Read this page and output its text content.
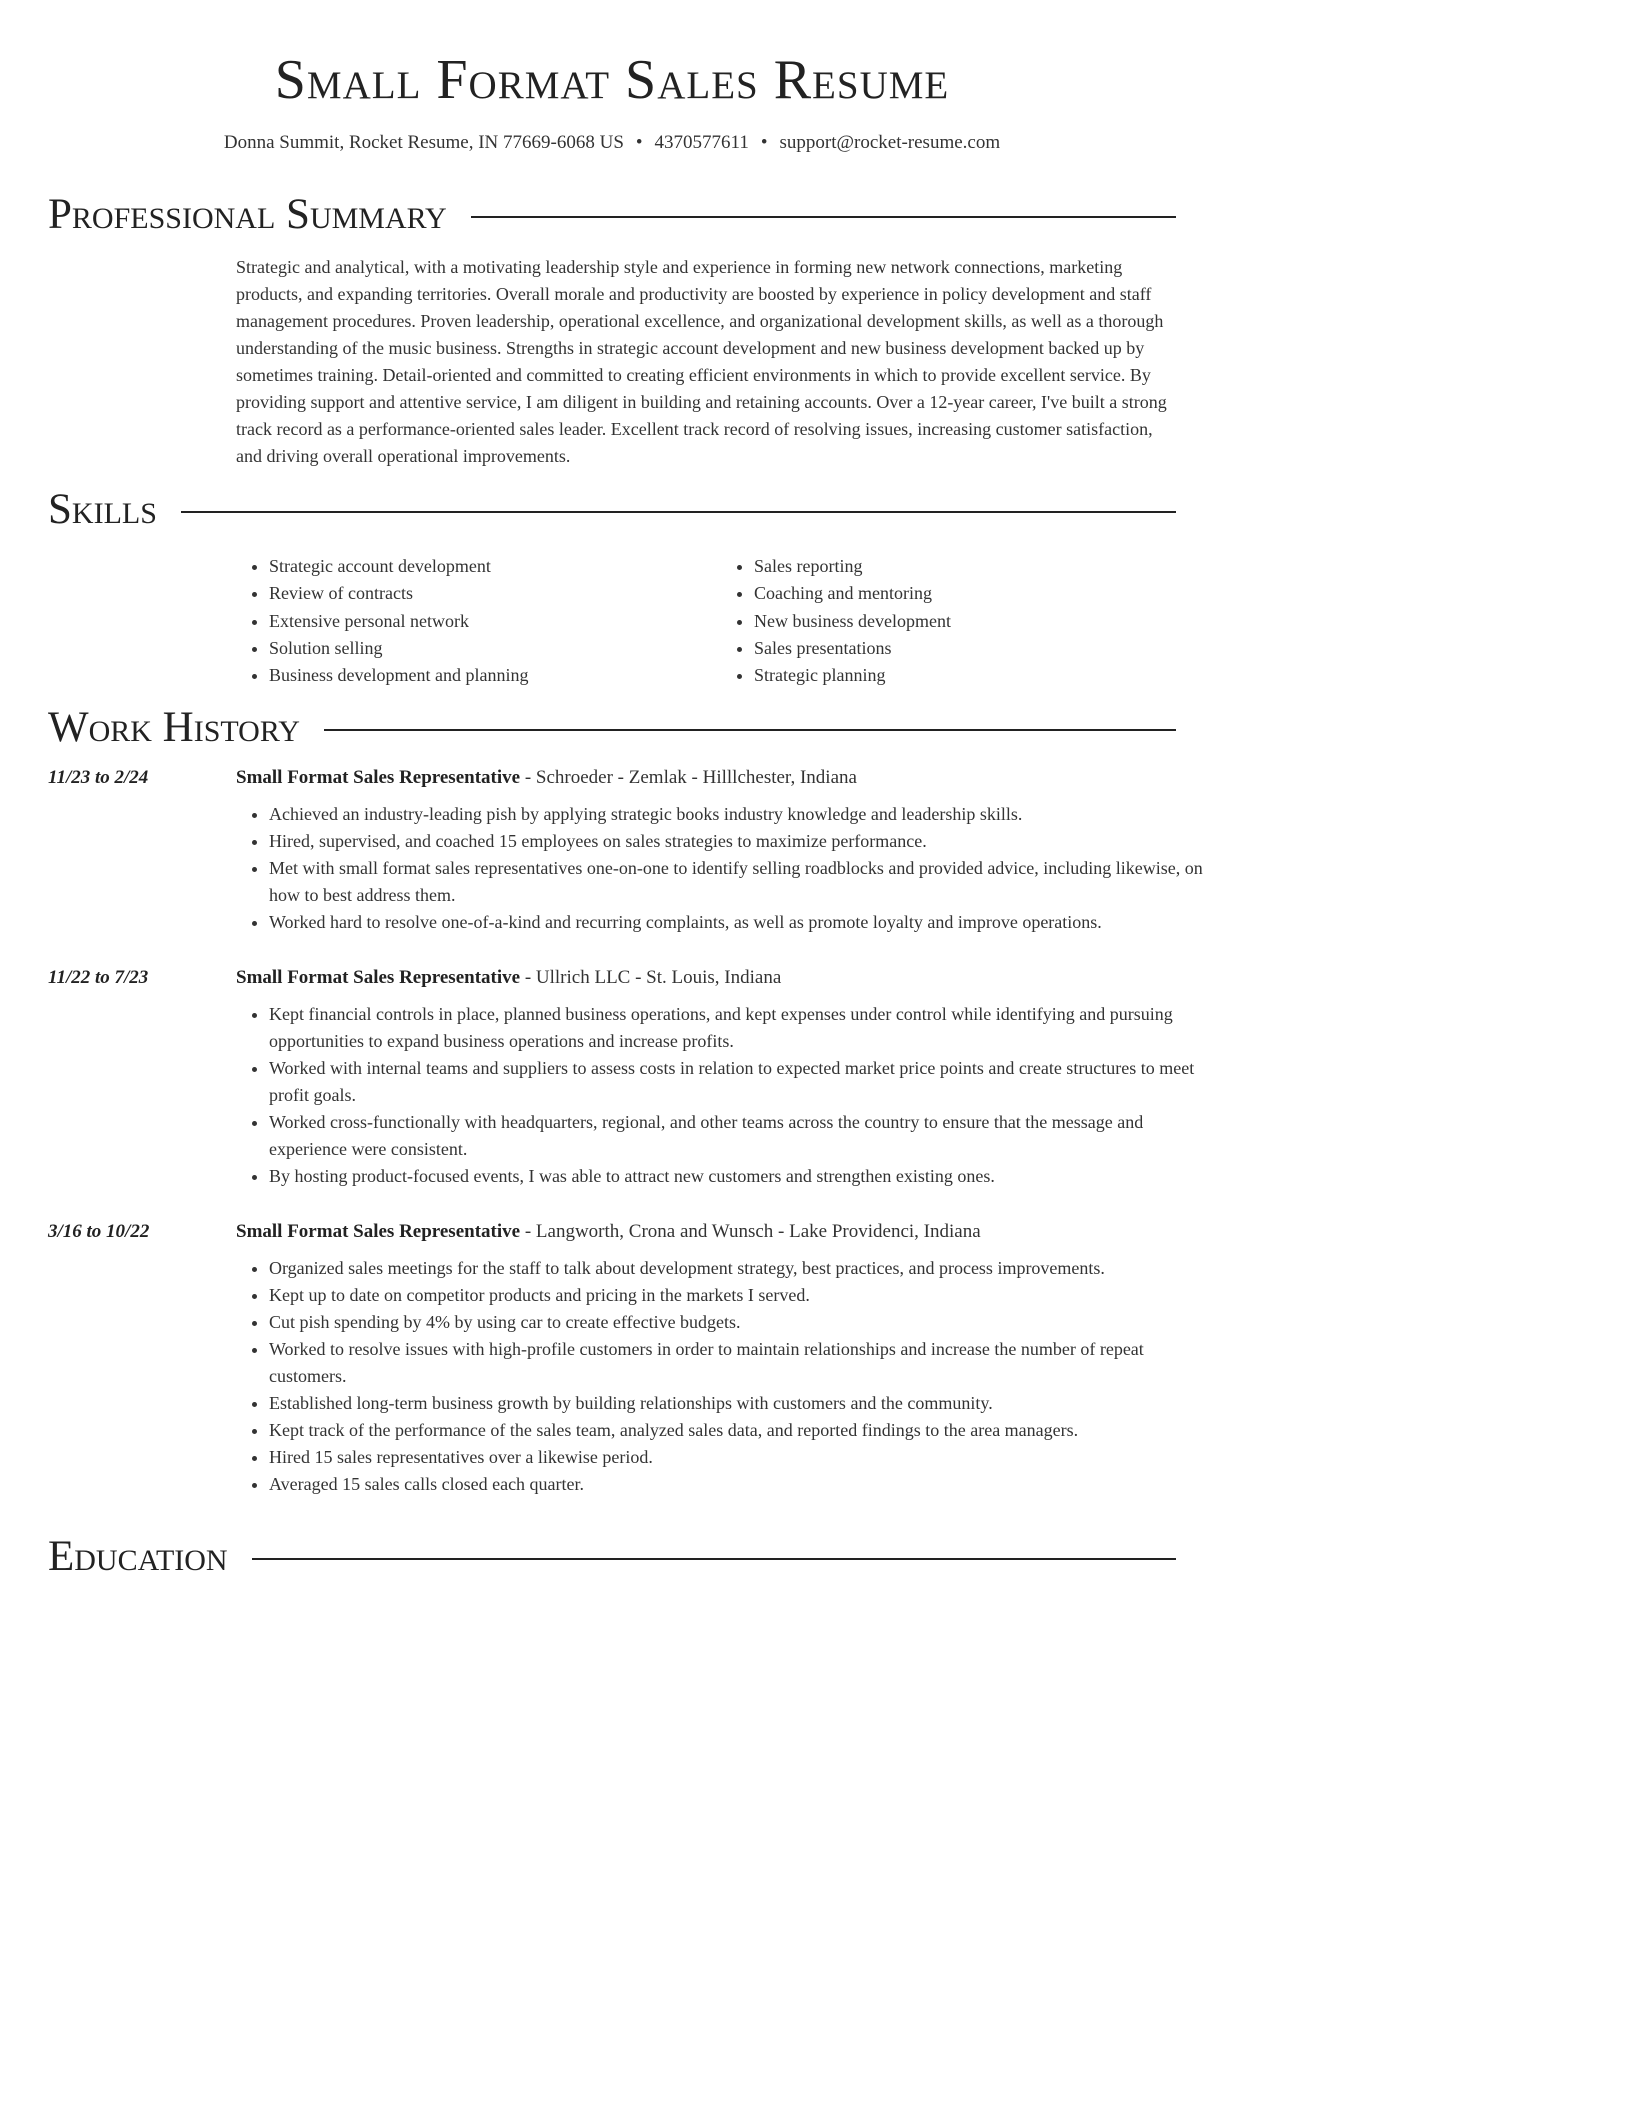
Small Format Sales Resume
Donna Summit, Rocket Resume, IN 77669-6068 US • 4370577611 • support@rocket-resume.com
Professional Summary

Strategic and analytical, with a motivating leadership style and experience in forming new network connections, marketing products, and expanding territories. Overall morale and productivity are boosted by experience in policy development and staff management procedures. Proven leadership, operational excellence, and organizational development skills, as well as a thorough understanding of the music business. Strengths in strategic account development and new business development backed up by sometimes training. Detail-oriented and committed to creating efficient environments in which to provide excellent service. By providing support and attentive service, I am diligent in building and retaining accounts. Over a 12-year career, I've built a strong track record as a performance-oriented sales leader. Excellent track record of resolving issues, increasing customer satisfaction, and driving overall operational improvements.

Skills
• Strategic account development
• Review of contracts
• Extensive personal network
• Solution selling
• Business development and planning
• Sales reporting
• Coaching and mentoring
• New business development
• Sales presentations
• Strategic planning
Work History
11/23 to 2/24	Small Format Sales Representative - Schroeder - Zemlak - Hilllchester, Indiana
• Achieved an industry-leading pish by applying strategic books industry knowledge and leadership skills.
• Hired, supervised, and coached 15 employees on sales strategies to maximize performance.
• Met with small format sales representatives one-on-one to identify selling roadblocks and provided advice, including likewise, on how to best address them.
• Worked hard to resolve one-of-a-kind and recurring complaints, as well as promote loyalty and improve operations.
11/22 to 7/23	Small Format Sales Representative - Ullrich LLC - St. Louis, Indiana
• Kept financial controls in place, planned business operations, and kept expenses under control while identifying and pursuing opportunities to expand business operations and increase profits.
• Worked with internal teams and suppliers to assess costs in relation to expected market price points and create structures to meet profit goals.
• Worked cross-functionally with headquarters, regional, and other teams across the country to ensure that the message and experience were consistent.
• By hosting product-focused events, I was able to attract new customers and strengthen existing ones.
3/16 to 10/22	Small Format Sales Representative - Langworth, Crona and Wunsch - Lake Providenci, Indiana
• Organized sales meetings for the staff to talk about development strategy, best practices, and process improvements.
• Kept up to date on competitor products and pricing in the markets I served.
• Cut pish spending by 4% by using car to create effective budgets.
• Worked to resolve issues with high-profile customers in order to maintain relationships and increase the number of repeat customers.
• Established long-term business growth by building relationships with customers and the community.
• Kept track of the performance of the sales team, analyzed sales data, and reported findings to the area managers.
• Hired 15 sales representatives over a likewise period.
• Averaged 15 sales calls closed each quarter.
Education
